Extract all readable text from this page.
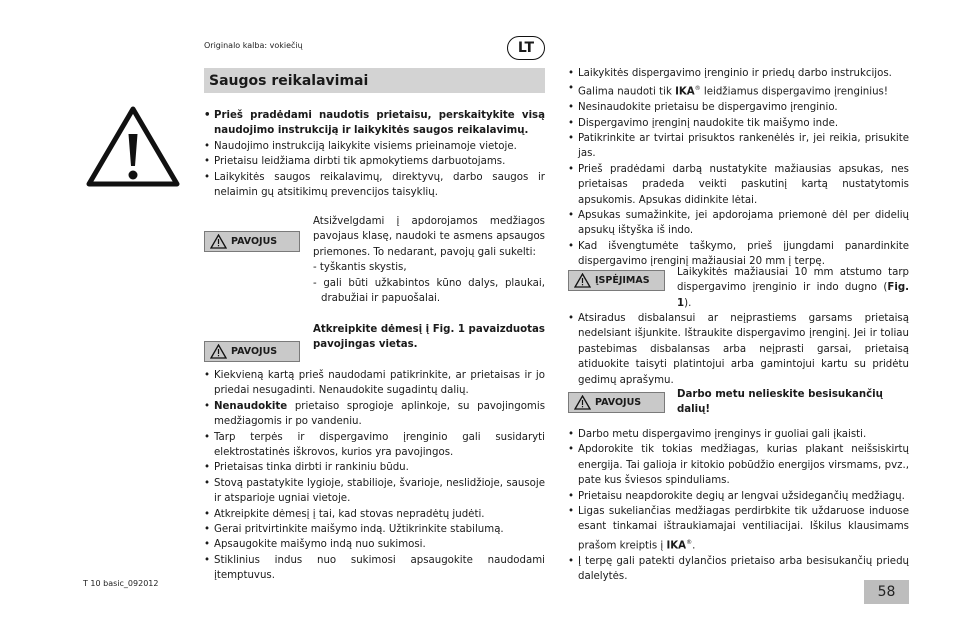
Originalo kalba: vokiečių	LT
Saugos reikalavimai
• Prieš pradėdami naudotis prietaisu, perskaitykite visą naudojimo instrukciją ir laikykitės saugos reikalavimų.
• Naudojimo instrukciją laikykite visiems prieinamoje vietoje.
• Prietaisu leidžiama dirbti tik apmokytiems darbuotojams.
• Laikykitės saugos reikalavimų, direktyvų, darbo saugos ir nelaimin gų atsitikimų prevencijos taisyklių.
PAVOJUS
Atsižvelgdami į apdorojamos medžiagos pavojaus klasę, naudoki te asmens apsaugos priemones. To nedarant, pavojų gali sukelti:
- tyškantis skystis,
- gali būti užkabintos kūno dalys, plaukai, drabužiai ir papuošalai.
PAVOJUS
Atkreipkite dėmesį į Fig. 1 pavaizduotas pavojingas vietas.
• Kiekvieną kartą prieš naudodami patikrinkite, ar prietaisas ir jo priedai nesugadinti. Nenaudokite sugadintų dalių.
• Nenaudokite prietaiso sprogioje aplinkoje, su pavojingomis medžiagomis ir po vandeniu.
• Tarp terpės ir dispergavimo įrenginio gali susidaryti elektrostatinės iškrovos, kurios yra pavojingos.
• Prietaisas tinka dirbti ir rankiniu būdu.
• Stovą pastatykite lygioje, stabilioje, švarioje, neslidžioje, sausoje ir atsparioje ugniai vietoje.
• Atkreipkite dėmesį į tai, kad stovas nepradėtų judėti.
• Gerai pritvirtinkite maišymo indą. Užtikrinkite stabilumą.
• Apsaugokite maišymo indą nuo sukimosi.
• Stiklinius indus nuo sukimosi apsaugokite naudodami įtemptuvus.
• Laikykitės dispergavimo įrenginio ir priedų darbo instrukcijos.
• Galima naudoti tik IKA® leidžiamus dispergavimo įrenginius!
• Nesinaudokite prietaisu be dispergavimo įrenginio.
• Dispergavimo įrenginį naudokite tik maišymo inde.
• Patikrinkite ar tvirtai prisuktos rankenėlės ir, jei reikia, prisukite jas.
• Prieš pradėdami darbą nustatykite mažiausias apsukas, nes prietaisas pradeda veikti paskutinį kartą nustatytomis apsukomis. Apsukas didinkite lėtai.
• Apsukas sumažinkite, jei apdorojama priemonė dėl per didelių apsukų ištyška iš indo.
• Kad išvengtumėte taškymo, prieš įjungdami panardinkite dispergavimo įrenginį mažiausiai 20 mm į terpę.
ĮSPĖJIMAS
Laikykitės mažiausiai 10 mm atstumo tarp dispergavimo įrenginio ir indo dugno (Fig. 1).
• Atsiradus disbalansui ar neįprastiems garsams prietaisą nedelsiant išjunkite. Ištraukite dispergavimo įrenginį. Jei ir toliau pastebimas disbalansas arba neįprasti garsai, prietaisą atiduokite taisyti platintojui arba gamintojui kartu su pridėtu gedimų aprašymu.
PAVOJUS
Darbo metu nelieskite besisukančių dalių!
• Darbo metu dispergavimo įrenginys ir guoliai gali įkaisti.
• Apdorokite tik tokias medžiagas, kurias plakant neišsiskirtų energija. Tai galioja ir kitokio pobūdžio energijos virsmams, pvz., pate kus šviesos spinduliams.
• Prietaisu neapdorokite degių ar lengvai užsidegančių medžiagų.
• Ligas sukeliančias medžiagas perdirbkite tik uždaruose induose esant tinkamai ištraukiamajai ventiliacijai. Iškilus klausimams prašom kreiptis į IKA®.
• Į terpę gali patekti dylančios prietaiso arba besisukančių priedų dalelytės.
T 10 basic_092012
58
